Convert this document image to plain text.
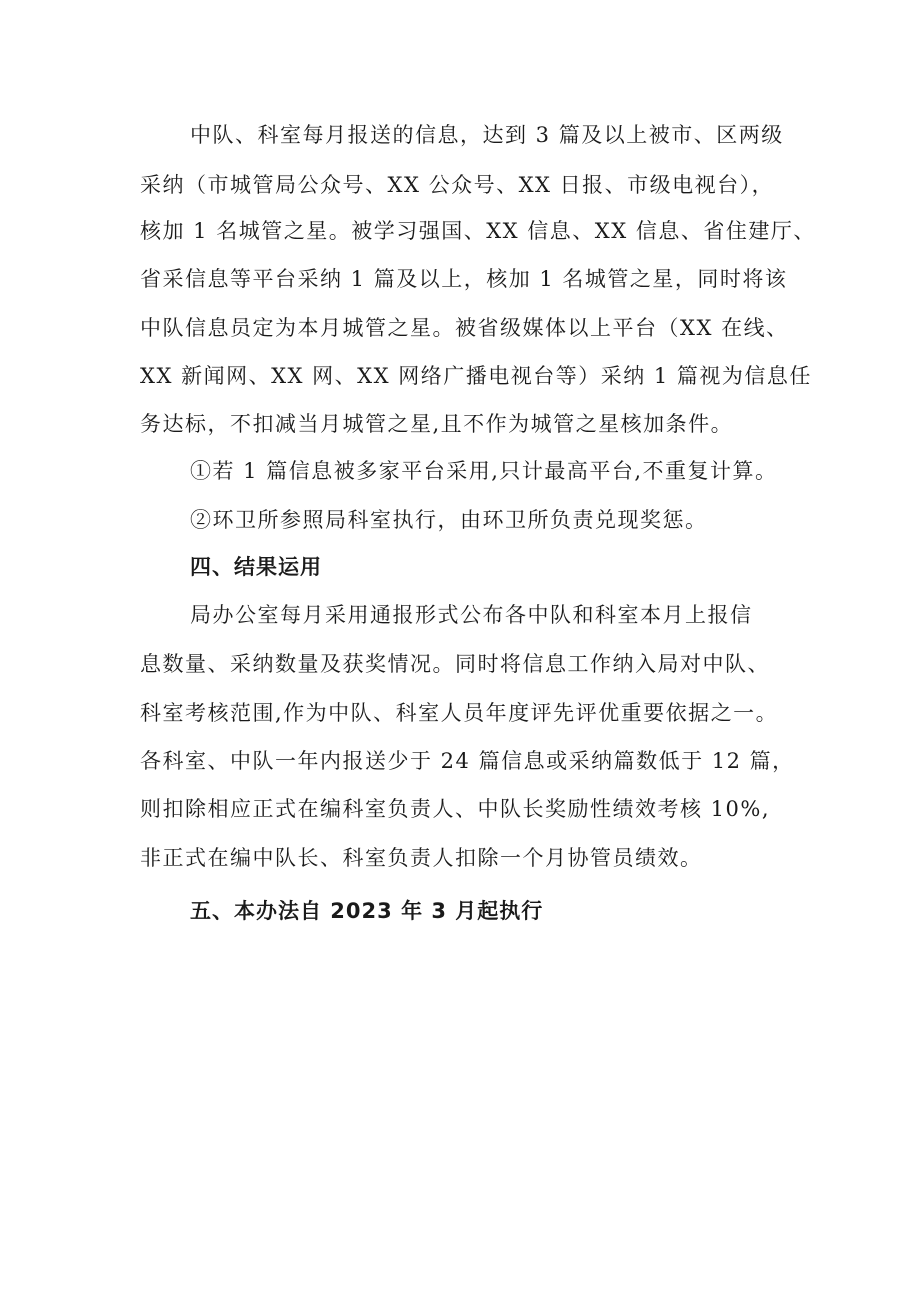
中队、科室每月报送的信息，达到 3 篇及以上被市、区两级
采纳（市城管局公众号、XX 公众号、XX 日报、市级电视台），
核加 1 名城管之星。被学习强国、XX 信息、XX 信息、省住建厅、
省采信息等平台采纳 1 篇及以上，核加 1 名城管之星，同时将该
中队信息员定为本月城管之星。被省级媒体以上平台（XX 在线、
XX 新闻网、XX 网、XX 网络广播电视台等）采纳 1 篇视为信息任
务达标，不扣减当月城管之星,且不作为城管之星核加条件。
①若 1 篇信息被多家平台采用,只计最高平台,不重复计算。
②环卫所参照局科室执行，由环卫所负责兑现奖惩。
四、结果运用
局办公室每月采用通报形式公布各中队和科室本月上报信
息数量、采纳数量及获奖情况。同时将信息工作纳入局对中队、
科室考核范围,作为中队、科室人员年度评先评优重要依据之一。
各科室、中队一年内报送少于 24 篇信息或采纳篇数低于 12 篇，
则扣除相应正式在编科室负责人、中队长奖励性绩效考核 10%,
非正式在编中队长、科室负责人扣除一个月协管员绩效。
五、本办法自 2023 年 3 月起执行
